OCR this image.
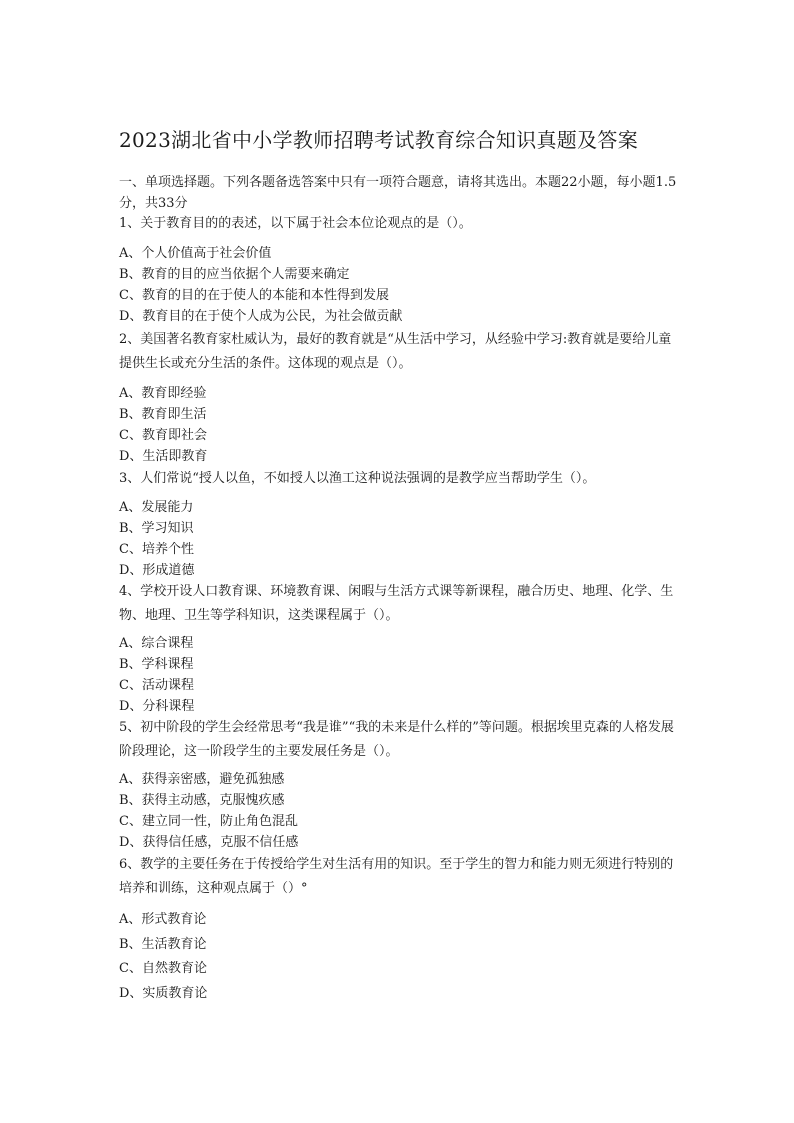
2023湖北省中小学教师招聘考试教育综合知识真题及答案
一、单项选择题。下列各题备选答案中只有一项符合题意，请将其选出。本题22小题，每小题1.5分，共33分
1、关于教育目的的表述，以下属于社会本位论观点的是（）。
A、个人价值高于社会价值
B、教育的目的应当依据个人需要来确定
C、教育的目的在于使人的本能和本性得到发展
D、教育目的在于使个人成为公民，为社会做贡献
2、美国著名教育家杜威认为，最好的教育就是“从生活中学习，从经验中学习:教育就是要给儿童提供生长或充分生活的条件。这体现的观点是（）。
A、教育即经验
B、教育即生活
C、教育即社会
D、生活即教育
3、人们常说“授人以鱼，不如授人以渔工这种说法强调的是教学应当帮助学生（）。
A、发展能力
B、学习知识
C、培养个性
D、形成道德
4、学校开设人口教育课、环境教育课、闲暇与生活方式课等新课程，融合历史、地理、化学、生物、地理、卫生等学科知识，这类课程属于（）。
A、综合课程
B、学科课程
C、活动课程
D、分科课程
5、初中阶段的学生会经常思考“我是谁”“我的未来是什么样的”等问题。根据埃里克森的人格发展阶段理论，这一阶段学生的主要发展任务是（）。
A、获得亲密感，避免孤独感
B、获得主动感，克服愧疚感
C、建立同一性，防止角色混乱
D、获得信任感，克服不信任感
6、教学的主要任务在于传授给学生对生活有用的知识。至于学生的智力和能力则无须进行特别的培养和训练，这种观点属于（）°
A、形式教育论
B、生活教育论
C、自然教育论
D、实质教育论
